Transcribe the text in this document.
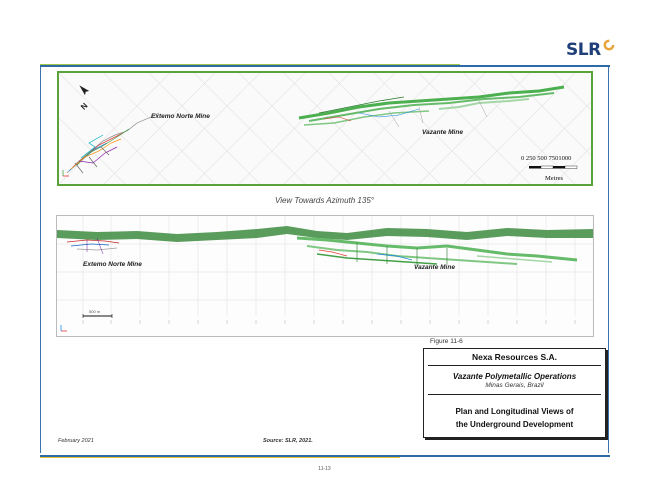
SLR
N
Extemo Norte Mine
Vazante Mine
0 250 500 7501000
Metres
View Towards Azimuth 135°
Extemo Norte Mine	Vazante Mine
500 m
Figure 11-6
Nexa Resources S.A.
Vazante Polymetallic Operations
Minas Gerais, Brazil
Plan and Longitudinal Views of
the Underground Development
February 2021	Source: SLR, 2021.
11-13
